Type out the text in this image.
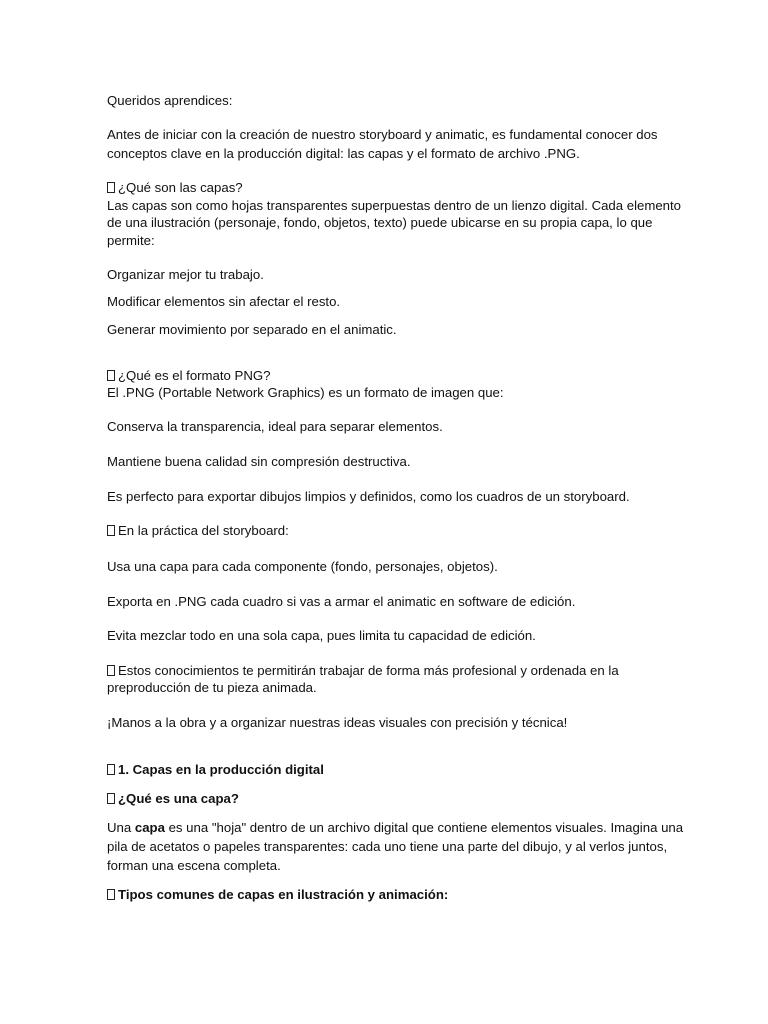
Queridos aprendices:

Antes de iniciar con la creación de nuestro storyboard y animatic, es fundamental conocer dos

conceptos clave en la producción digital: las capas y el formato de archivo .PNG.

¿Qué son las capas?

Las capas son como hojas transparentes superpuestas dentro de un lienzo digital. Cada elemento

de una ilustración (personaje, fondo, objetos, texto) puede ubicarse en su propia capa, lo que

permite:

Organizar mejor tu trabajo.

Modificar elementos sin afectar el resto.

Generar movimiento por separado en el animatic.

¿Qué es el formato PNG?

El .PNG (Portable Network Graphics) es un formato de imagen que:

Conserva la transparencia, ideal para separar elementos.

Mantiene buena calidad sin compresión destructiva.

Es perfecto para exportar dibujos limpios y definidos, como los cuadros de un storyboard.

En la práctica del storyboard:

Usa una capa para cada componente (fondo, personajes, objetos).

Exporta en .PNG cada cuadro si vas a armar el animatic en software de edición.

Evita mezclar todo en una sola capa, pues limita tu capacidad de edición.

Estos conocimientos te permitirán trabajar de forma más profesional y ordenada en la

preproducción de tu pieza animada.

¡Manos a la obra y a organizar nuestras ideas visuales con precisión y técnica!

1. Capas en la producción digital

¿Qué es una capa?

Una capa es una "hoja" dentro de un archivo digital que contiene elementos visuales. Imagina una

pila de acetatos o papeles transparentes: cada uno tiene una parte del dibujo, y al verlos juntos,

forman una escena completa.

Tipos comunes de capas en ilustración y animación:
